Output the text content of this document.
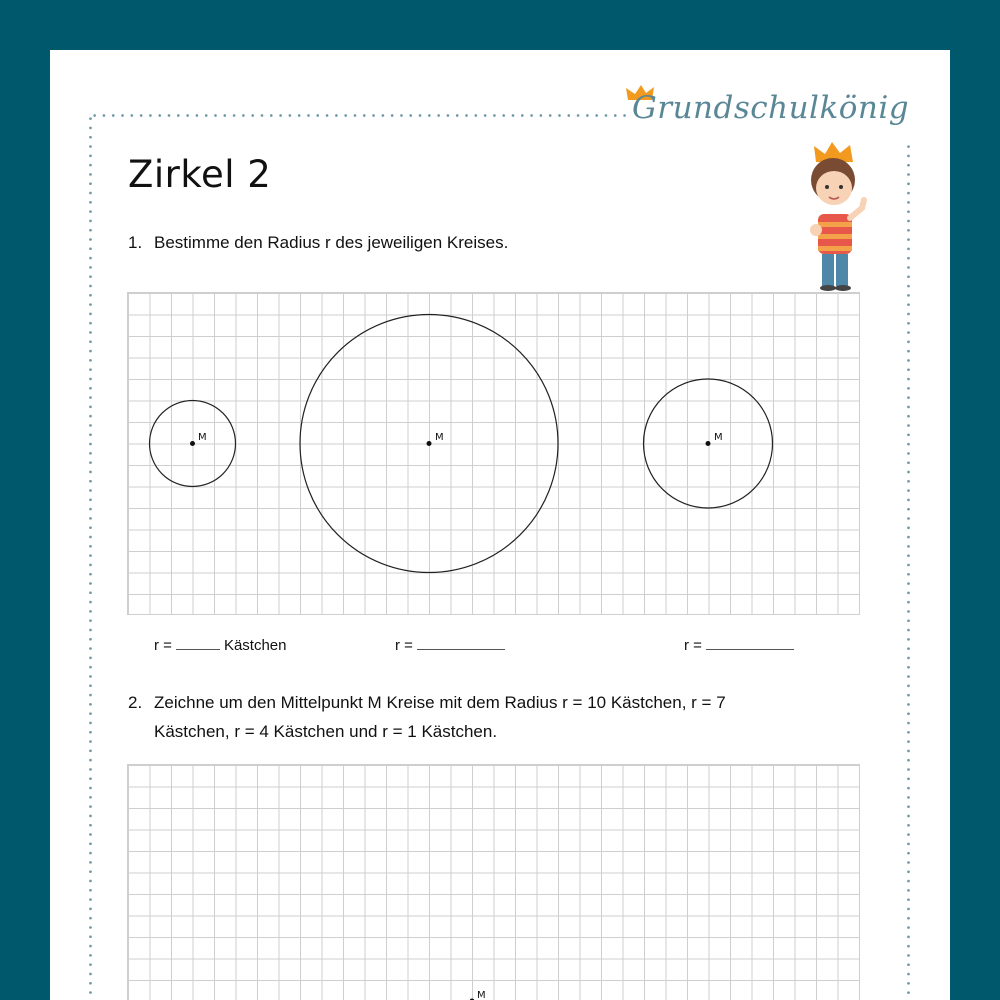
Grundschulkönig
Zirkel 2
1. Bestimme den Radius r des jeweiligen Kreises.
M	M	M
r =	Kästchen	r =	r =
2. Zeichne um den Mittelpunkt M Kreise mit dem Radius r = 10 Kästchen, r = 7
Kästchen, r = 4 Kästchen und r = 1 Kästchen.
M
